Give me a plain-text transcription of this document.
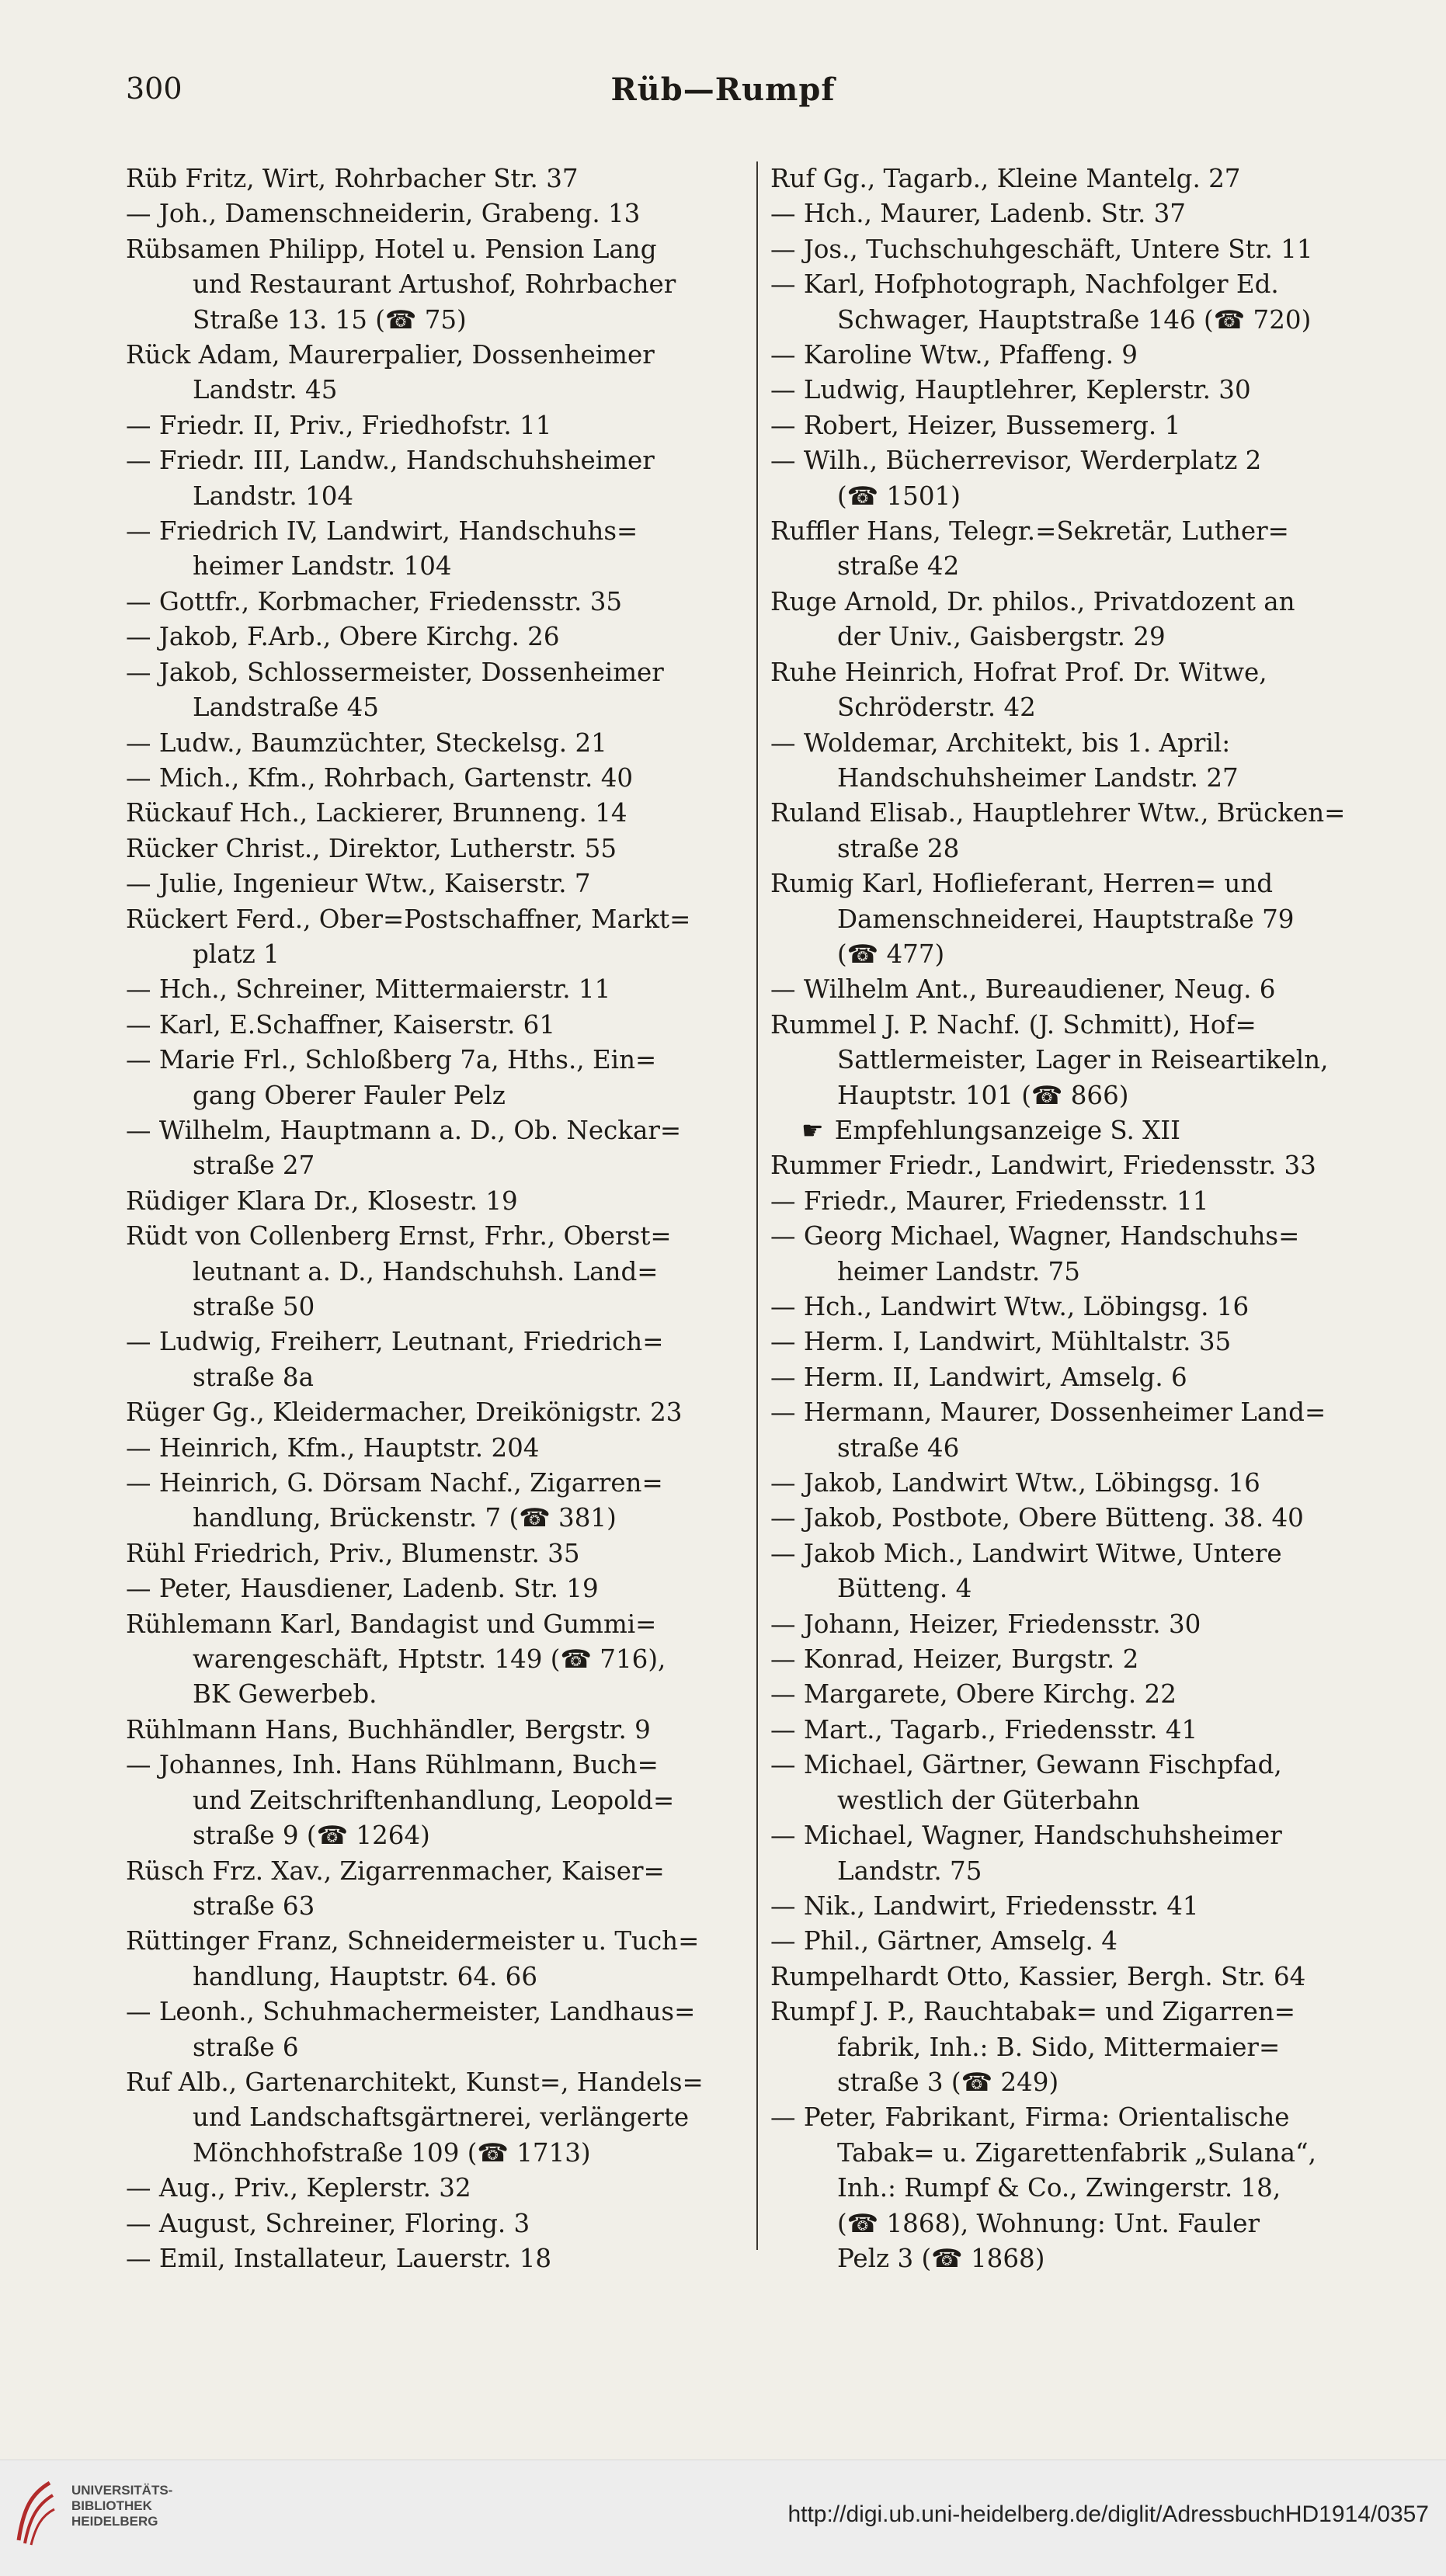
300	Rüb—Rumpf
Rüb Fritz, Wirt, Rohrbacher Str. 37
— Joh., Damenschneiderin, Grabeng. 13
Rübsamen Philipp, Hotel u. Pension Lang
und Restaurant Artushof, Rohrbacher
Straße 13. 15 (☎ 75)
Rück Adam, Maurerpalier, Dossenheimer
Landstr. 45
— Friedr. II, Priv., Friedhofstr. 11
— Friedr. III, Landw., Handschuhsheimer
Landstr. 104
— Friedrich IV, Landwirt, Handschuhs=
heimer Landstr. 104
— Gottfr., Korbmacher, Friedensstr. 35
— Jakob, F.Arb., Obere Kirchg. 26
— Jakob, Schlossermeister, Dossenheimer
Landstraße 45
— Ludw., Baumzüchter, Steckelsg. 21
— Mich., Kfm., Rohrbach, Gartenstr. 40
Rückauf Hch., Lackierer, Brunneng. 14
Rücker Christ., Direktor, Lutherstr. 55
— Julie, Ingenieur Wtw., Kaiserstr. 7
Rückert Ferd., Ober=Postschaffner, Markt=
platz 1
— Hch., Schreiner, Mittermaierstr. 11
— Karl, E.Schaffner, Kaiserstr. 61
— Marie Frl., Schloßberg 7a, Hths., Ein=
gang Oberer Fauler Pelz
— Wilhelm, Hauptmann a. D., Ob. Neckar=
straße 27
Rüdiger Klara Dr., Klosestr. 19
Rüdt von Collenberg Ernst, Frhr., Oberst=
leutnant a. D., Handschuhsh. Land=
straße 50
— Ludwig, Freiherr, Leutnant, Friedrich=
straße 8a
Rüger Gg., Kleidermacher, Dreikönigstr. 23
— Heinrich, Kfm., Hauptstr. 204
— Heinrich, G. Dörsam Nachf., Zigarren=
handlung, Brückenstr. 7 (☎ 381)
Rühl Friedrich, Priv., Blumenstr. 35
— Peter, Hausdiener, Ladenb. Str. 19
Rühlemann Karl, Bandagist und Gummi=
warengeschäft, Hptstr. 149 (☎ 716),
BK Gewerbeb.
Rühlmann Hans, Buchhändler, Bergstr. 9
— Johannes, Inh. Hans Rühlmann, Buch=
und Zeitschriftenhandlung, Leopold=
straße 9 (☎ 1264)
Rüsch Frz. Xav., Zigarrenmacher, Kaiser=
straße 63
Rüttinger Franz, Schneidermeister u. Tuch=
handlung, Hauptstr. 64. 66
— Leonh., Schuhmachermeister, Landhaus=
straße 6
Ruf Alb., Gartenarchitekt, Kunst=, Handels=
und Landschaftsgärtnerei, verlängerte
Mönchhofstraße 109 (☎ 1713)
— Aug., Priv., Keplerstr. 32
— August, Schreiner, Floring. 3
— Emil, Installateur, Lauerstr. 18
Ruf Gg., Tagarb., Kleine Mantelg. 27
— Hch., Maurer, Ladenb. Str. 37
— Jos., Tuchschuhgeschäft, Untere Str. 11
— Karl, Hofphotograph, Nachfolger Ed.
Schwager, Hauptstraße 146 (☎ 720)
— Karoline Wtw., Pfaffeng. 9
— Ludwig, Hauptlehrer, Keplerstr. 30
— Robert, Heizer, Bussemerg. 1
— Wilh., Bücherrevisor, Werderplatz 2
(☎ 1501)
Ruffler Hans, Telegr.=Sekretär, Luther=
straße 42
Ruge Arnold, Dr. philos., Privatdozent an
der Univ., Gaisbergstr. 29
Ruhe Heinrich, Hofrat Prof. Dr. Witwe,
Schröderstr. 42
— Woldemar, Architekt, bis 1. April:
Handschuhsheimer Landstr. 27
Ruland Elisab., Hauptlehrer Wtw., Brücken=
straße 28
Rumig Karl, Hoflieferant, Herren= und
Damenschneiderei, Hauptstraße 79
(☎ 477)
— Wilhelm Ant., Bureaudiener, Neug. 6
Rummel J. P. Nachf. (J. Schmitt), Hof=
Sattlermeister, Lager in Reiseartikeln,
Hauptstr. 101 (☎ 866)
☛ Empfehlungsanzeige S. XII
Rummer Friedr., Landwirt, Friedensstr. 33
— Friedr., Maurer, Friedensstr. 11
— Georg Michael, Wagner, Handschuhs=
heimer Landstr. 75
— Hch., Landwirt Wtw., Löbingsg. 16
— Herm. I, Landwirt, Mühltalstr. 35
— Herm. II, Landwirt, Amselg. 6
— Hermann, Maurer, Dossenheimer Land=
straße 46
— Jakob, Landwirt Wtw., Löbingsg. 16
— Jakob, Postbote, Obere Bütteng. 38. 40
— Jakob Mich., Landwirt Witwe, Untere
Bütteng. 4
— Johann, Heizer, Friedensstr. 30
— Konrad, Heizer, Burgstr. 2
— Margarete, Obere Kirchg. 22
— Mart., Tagarb., Friedensstr. 41
— Michael, Gärtner, Gewann Fischpfad,
westlich der Güterbahn
— Michael, Wagner, Handschuhsheimer
Landstr. 75
— Nik., Landwirt, Friedensstr. 41
— Phil., Gärtner, Amselg. 4
Rumpelhardt Otto, Kassier, Bergh. Str. 64
Rumpf J. P., Rauchtabak= und Zigarren=
fabrik, Inh.: B. Sido, Mittermaier=
straße 3 (☎ 249)
— Peter, Fabrikant, Firma: Orientalische
Tabak= u. Zigarettenfabrik „Sulana“,
Inh.: Rumpf & Co., Zwingerstr. 18,
(☎ 1868), Wohnung: Unt. Fauler
Pelz 3 (☎ 1868)
UNIVERSITÄTS-
BIBLIOTHEK
HEIDELBERG	http://digi.ub.uni-heidelberg.de/diglit/AdressbuchHD1914/0357
